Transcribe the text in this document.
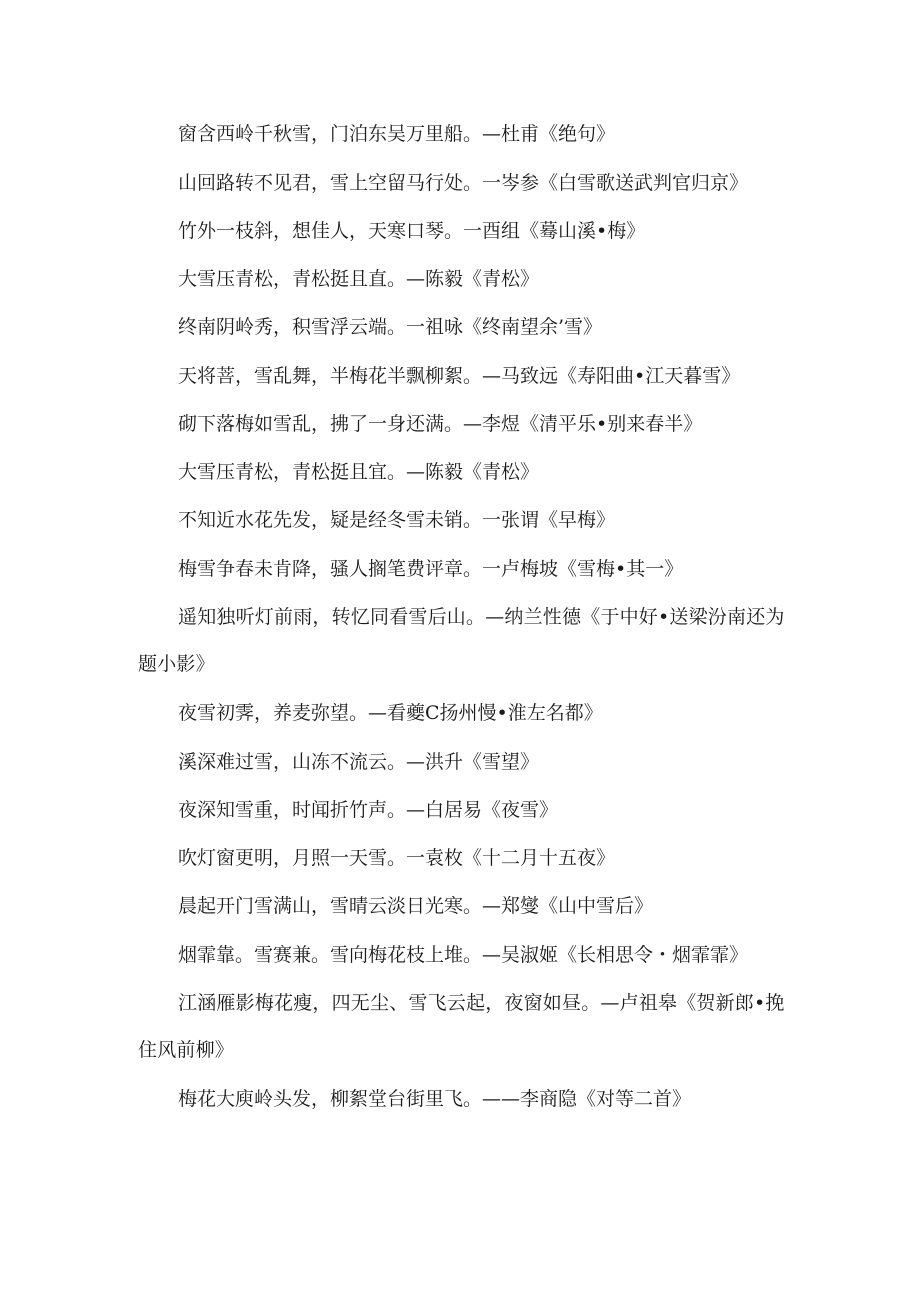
窗含西岭千秋雪，门泊东吴万里船。—杜甫《绝句》

山回路转不见君，雪上空留马行处。一岑参《白雪歌送武判官归京》

竹外一枝斜，想佳人，天寒口琴。一酉组《蓦山溪•梅》

大雪压青松，青松挺且直。—陈毅《青松》

终南阴岭秀，积雪浮云端。一祖咏《终南望余’雪》

天将菩，雪乱舞，半梅花半飘柳絮。—马致远《寿阳曲•江天暮雪》

砌下落梅如雪乱，拂了一身还满。—李煜《清平乐•别来春半》

大雪压青松，青松挺且宜。—陈毅《青松》

不知近水花先发，疑是经冬雪未销。一张谓《早梅》

梅雪争春未肯降，骚人搁笔费评章。一卢梅坡《雪梅•其一》

遥知独听灯前雨，转忆同看雪后山。—纳兰性德《于中好•送梁汾南还为题小影》

夜雪初霁，养麦弥望。—看夔C扬州慢•淮左名都》

溪深难过雪，山冻不流云。—洪升《雪望》

夜深知雪重，时闻折竹声。—白居易《夜雪》

吹灯窗更明，月照一天雪。一袁枚《十二月十五夜》

晨起开门雪满山，雪晴云淡日光寒。—郑燮《山中雪后》

烟霏靠。雪赛兼。雪向梅花枝上堆。—吴淑姬《长相思令・烟霏霏》

江涵雁影梅花瘦，四无尘、雪飞云起，夜窗如昼。—卢祖皋《贺新郎•挽住风前柳》

梅花大庾岭头发，柳絮堂台街里飞。——李商隐《对等二首》
